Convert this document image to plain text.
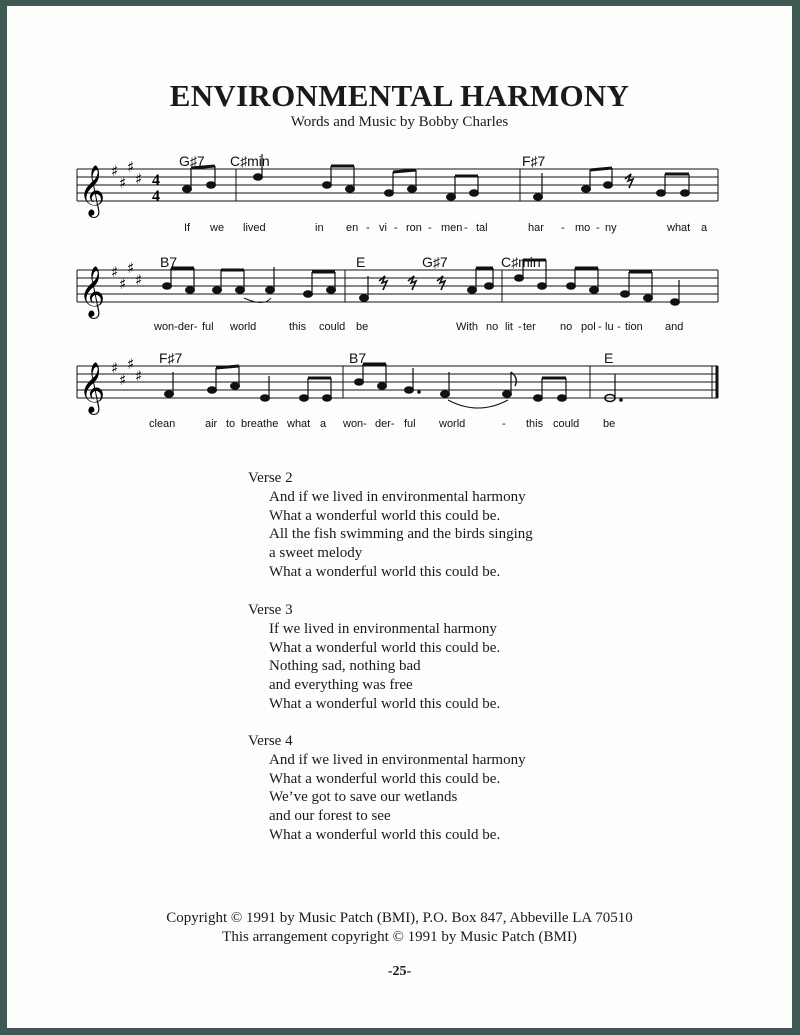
ENVIRONMENTAL HARMONY
Words and Music by Bobby Charles
𝄞 ♯
♯
♯
♯ 4
4
G♯7 C♯min	F♯7
If we lived	in en - vi - ron - men - tal	har - mo - ny	what a
𝄞 ♯
♯
♯
♯
B7	E	G♯7	C♯min
won-der- ful world	this could be	With no lit - ter no pol - lu - tion and
𝄞 ♯
♯
♯
♯
F♯7	B7	E
clean	air to breathe what a won- der- ful world	- this could be
Verse 2
And if we lived in environmental harmony
What a wonderful world this could be.
All the fish swimming and the birds singing
a sweet melody
What a wonderful world this could be.
Verse 3
If we lived in environmental harmony
What a wonderful world this could be.
Nothing sad, nothing bad
and everything was free
What a wonderful world this could be.
Verse 4
And if we lived in environmental harmony
What a wonderful world this could be.
We’ve got to save our wetlands
and our forest to see
What a wonderful world this could be.
Copyright © 1991 by Music Patch (BMI), P.O. Box 847, Abbeville LA 70510
This arrangement copyright © 1991 by Music Patch (BMI)
-25-
